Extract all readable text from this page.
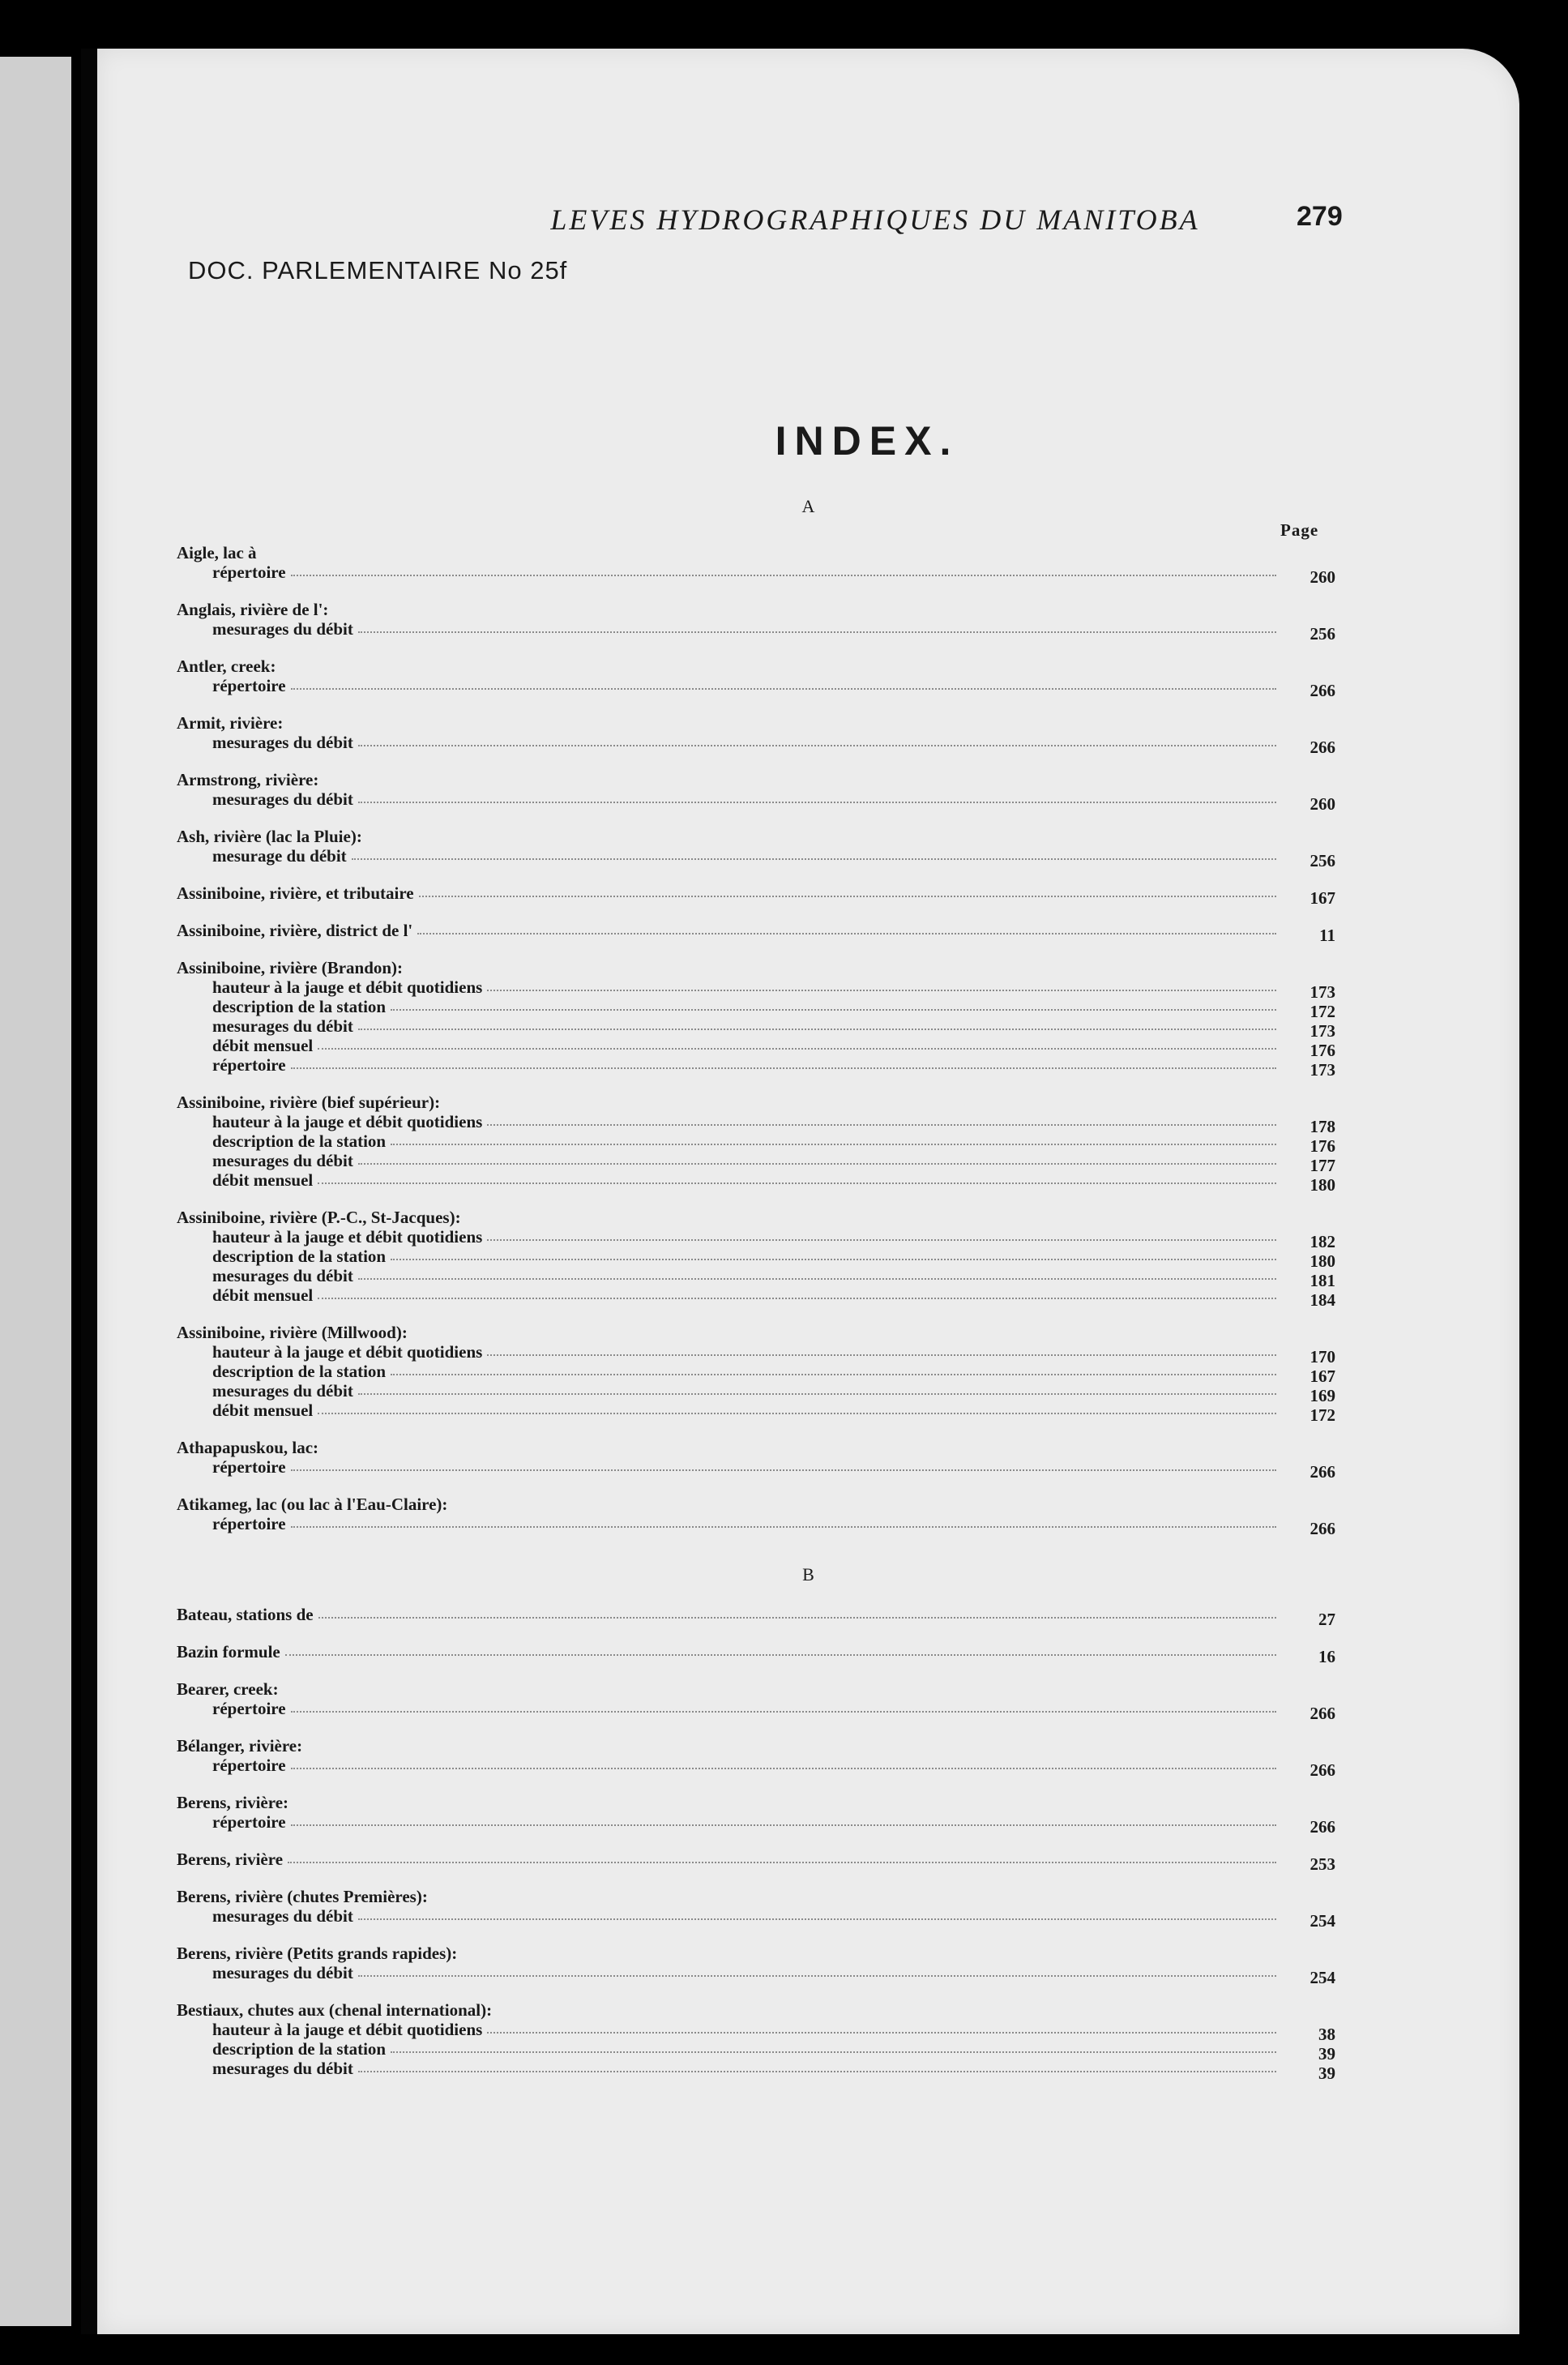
LEVES HYDROGRAPHIQUES DU MANITOBA	279
DOC. PARLEMENTAIRE No 25f
INDEX.
Page
A
Aigle, lac à
répertoire	260
Anglais, rivière de l':
mesurages du débit	256
Antler, creek:
répertoire	266
Armit, rivière:
mesurages du débit	266
Armstrong, rivière:
mesurages du débit	260
Ash, rivière (lac la Pluie):
mesurage du débit	256
Assiniboine, rivière, et tributaire	167
Assiniboine, rivière, district de l'	11
Assiniboine, rivière (Brandon):
hauteur à la jauge et débit quotidiens	173
description de la station	172
mesurages du débit	173
débit mensuel	176
répertoire	173
Assiniboine, rivière (bief supérieur):
hauteur à la jauge et débit quotidiens	178
description de la station	176
mesurages du débit	177
débit mensuel	180
Assiniboine, rivière (P.-C., St-Jacques):
hauteur à la jauge et débit quotidiens	182
description de la station	180
mesurages du débit	181
débit mensuel	184
Assiniboine, rivière (Millwood):
hauteur à la jauge et débit quotidiens	170
description de la station	167
mesurages du débit	169
débit mensuel	172
Athapapuskou, lac:
répertoire	266
Atikameg, lac (ou lac à l'Eau-Claire):
répertoire	266
B
Bateau, stations de	27
Bazin formule	16
Bearer, creek:
répertoire	266
Bélanger, rivière:
répertoire	266
Berens, rivière:
répertoire	266
Berens, rivière	253
Berens, rivière (chutes Premières):
mesurages du débit	254
Berens, rivière (Petits grands rapides):
mesurages du débit	254
Bestiaux, chutes aux (chenal international):
hauteur à la jauge et débit quotidiens	38
description de la station	39
mesurages du débit	39
